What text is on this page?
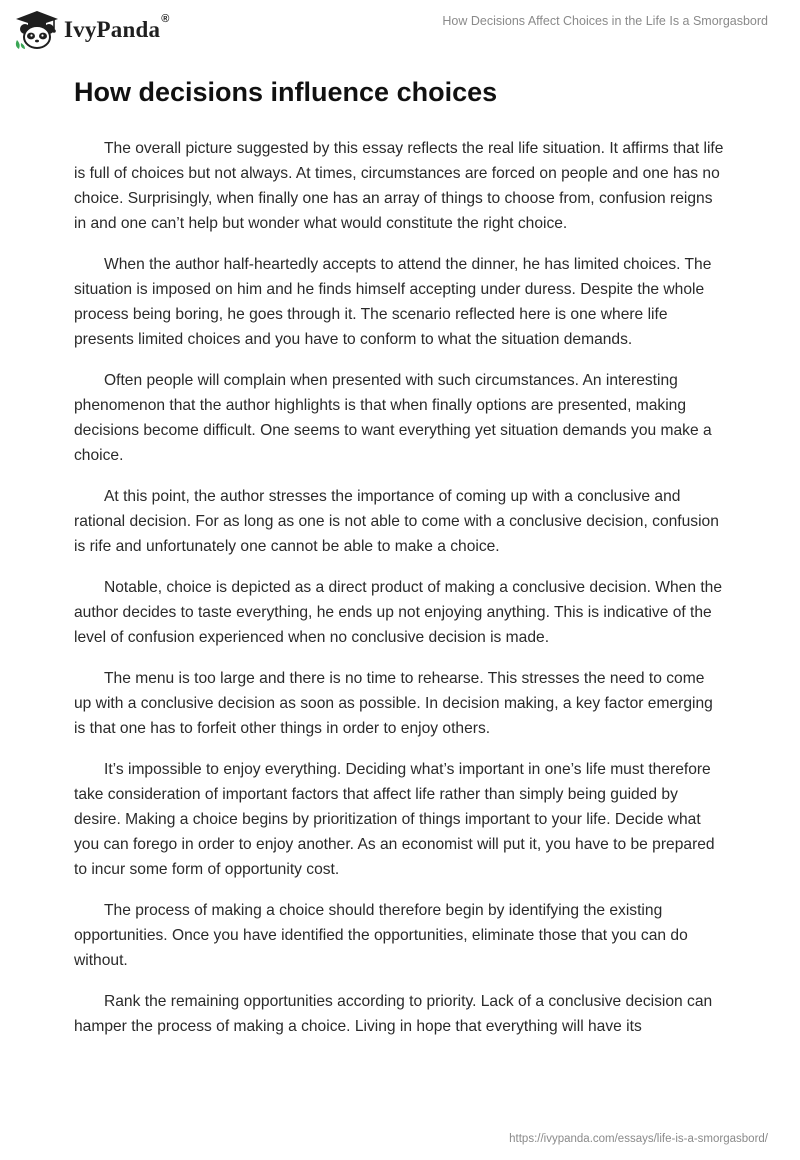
IvyPanda®	How Decisions Affect Choices in the Life Is a Smorgasbord
How decisions influence choices

The overall picture suggested by this essay reflects the real life situation. It affirms that life is full of choices but not always. At times, circumstances are forced on people and one has no choice. Surprisingly, when finally one has an array of things to choose from, confusion reigns in and one can’t help but wonder what would constitute the right choice.

When the author half-heartedly accepts to attend the dinner, he has limited choices. The situation is imposed on him and he finds himself accepting under duress. Despite the whole process being boring, he goes through it. The scenario reflected here is one where life presents limited choices and you have to conform to what the situation demands.

Often people will complain when presented with such circumstances. An interesting phenomenon that the author highlights is that when finally options are presented, making decisions become difficult. One seems to want everything yet situation demands you make a choice.

At this point, the author stresses the importance of coming up with a conclusive and rational decision. For as long as one is not able to come with a conclusive decision, confusion is rife and unfortunately one cannot be able to make a choice.

Notable, choice is depicted as a direct product of making a conclusive decision. When the author decides to taste everything, he ends up not enjoying anything. This is indicative of the level of confusion experienced when no conclusive decision is made.

The menu is too large and there is no time to rehearse. This stresses the need to come up with a conclusive decision as soon as possible. In decision making, a key factor emerging is that one has to forfeit other things in order to enjoy others.

It’s impossible to enjoy everything. Deciding what’s important in one’s life must therefore take consideration of important factors that affect life rather than simply being guided by desire. Making a choice begins by prioritization of things important to your life. Decide what you can forego in order to enjoy another. As an economist will put it, you have to be prepared to incur some form of opportunity cost.

The process of making a choice should therefore begin by identifying the existing opportunities. Once you have identified the opportunities, eliminate those that you can do without.

Rank the remaining opportunities according to priority. Lack of a conclusive decision can hamper the process of making a choice. Living in hope that everything will have its

https://ivypanda.com/essays/life-is-a-smorgasbord/
